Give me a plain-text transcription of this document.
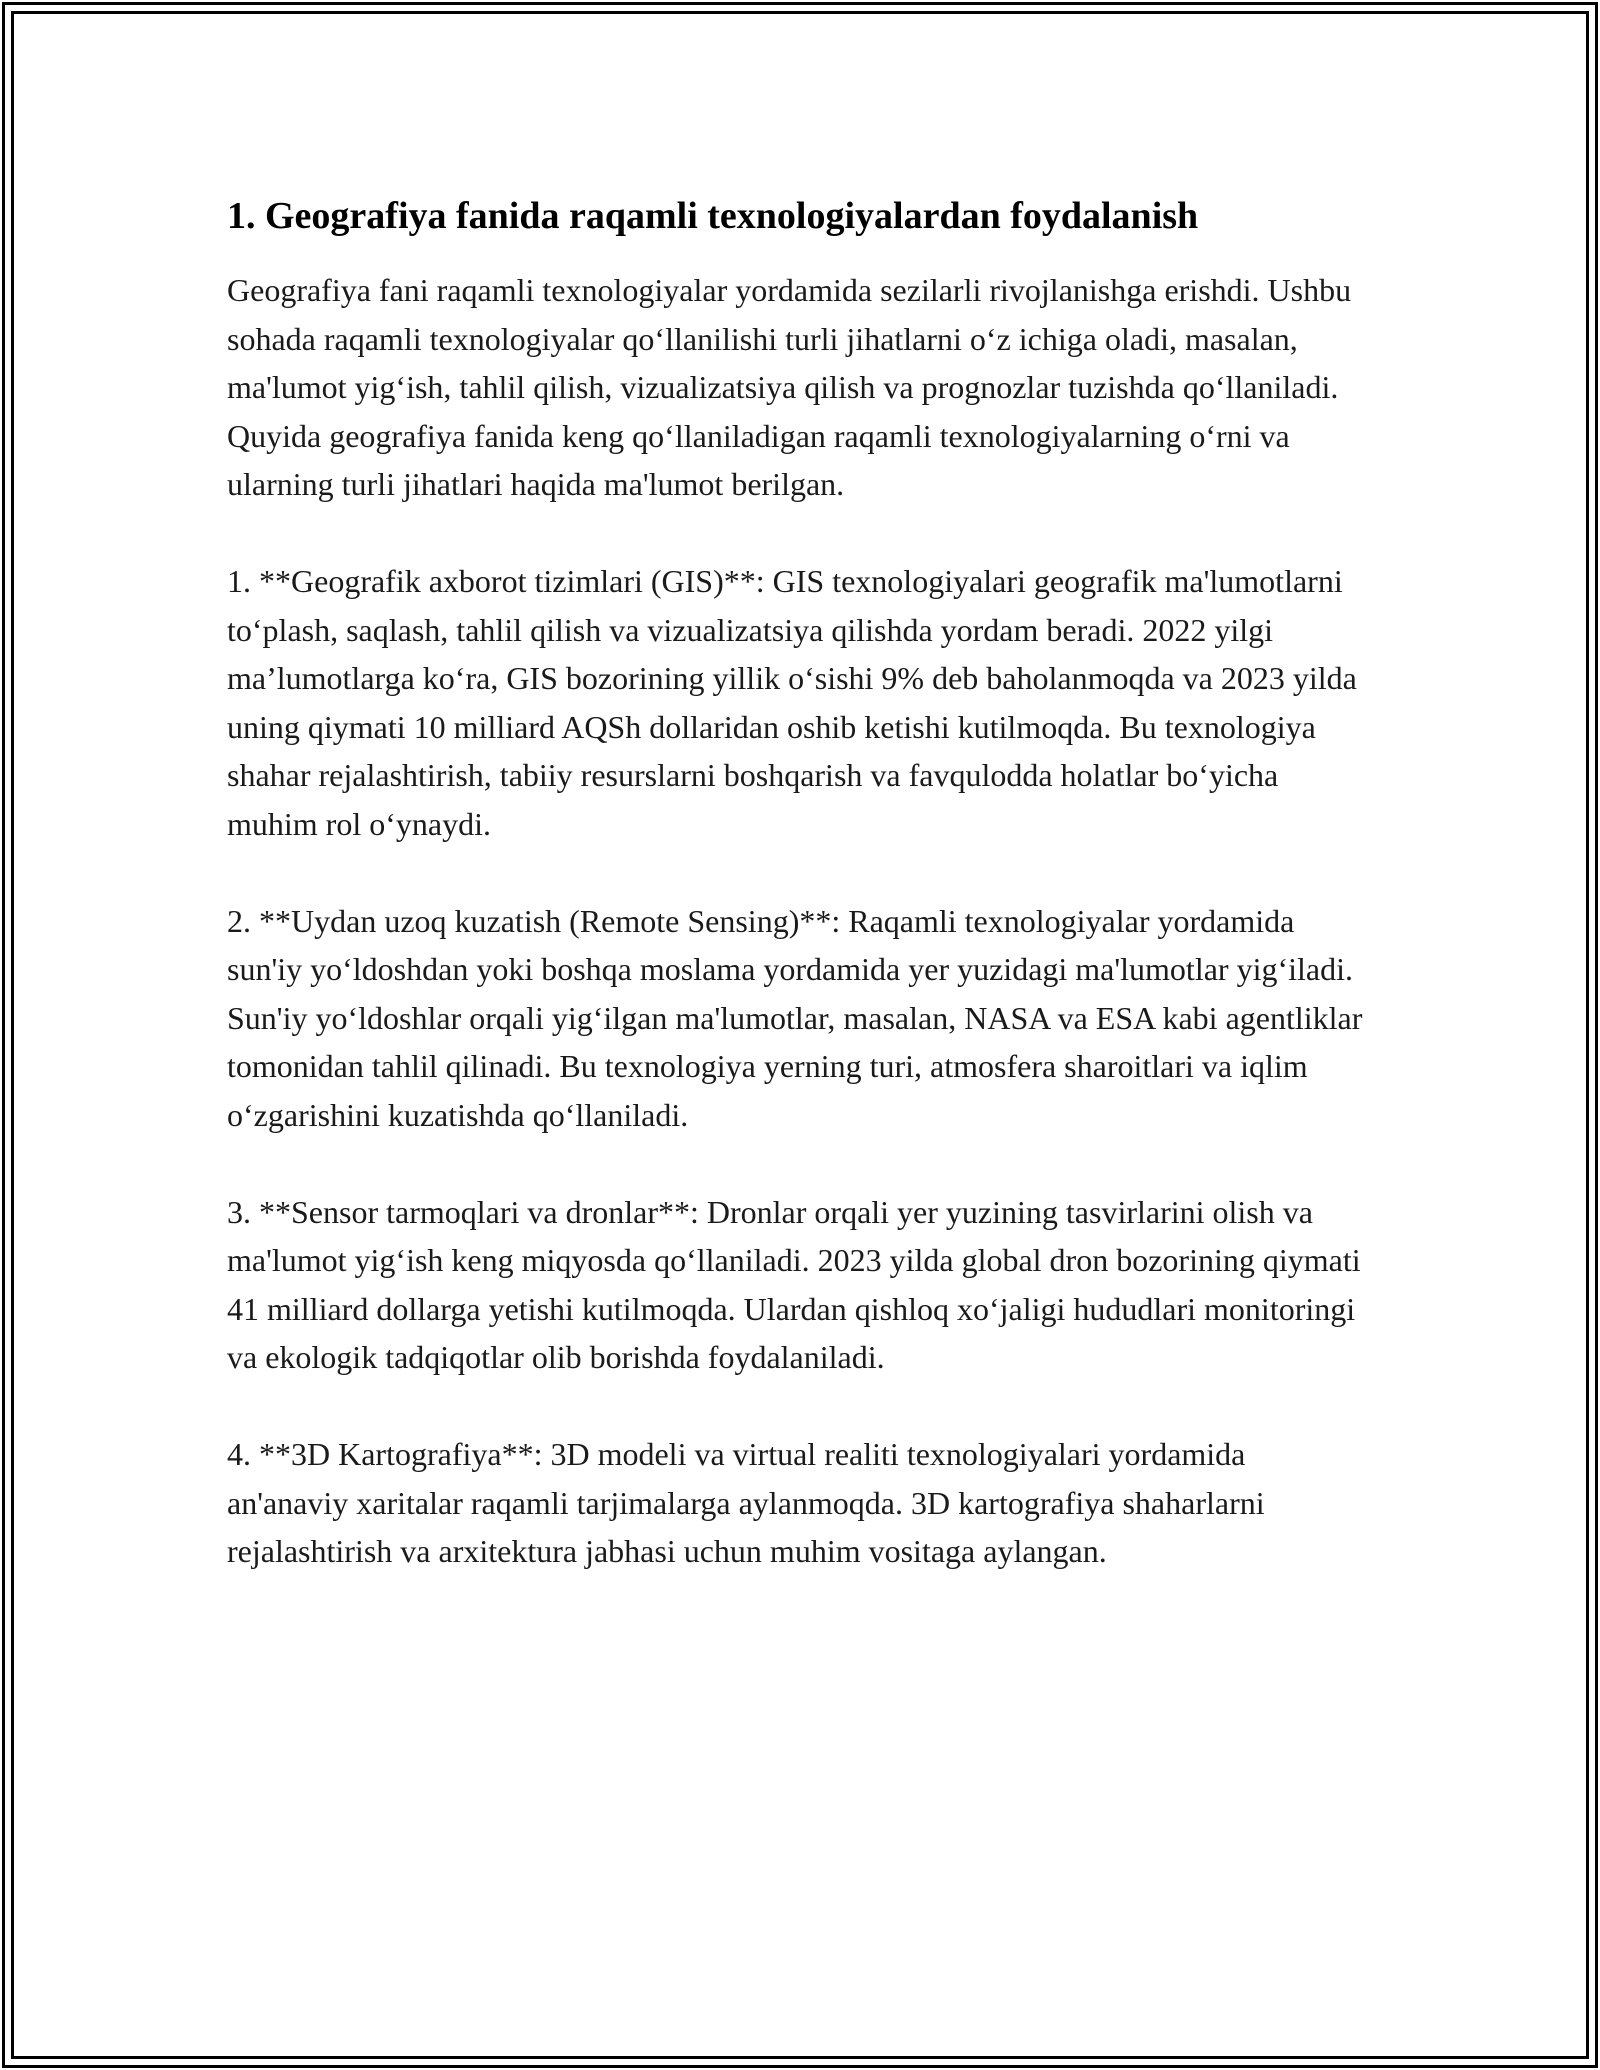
1. Geografiya fanida raqamli texnologiyalardan foydalanish

Geografiya fani raqamli texnologiyalar yordamida sezilarli rivojlanishga erishdi. Ushbu sohada raqamli texnologiyalar qo‘llanilishi turli jihatlarni o‘z ichiga oladi, masalan, ma'lumot yig‘ish, tahlil qilish, vizualizatsiya qilish va prognozlar tuzishda qo‘llaniladi. Quyida geografiya fanida keng qo‘llaniladigan raqamli texnologiyalarning o‘rni va ularning turli jihatlari haqida ma'lumot berilgan.

1. **Geografik axborot tizimlari (GIS)**: GIS texnologiyalari geografik ma'lumotlarni to‘plash, saqlash, tahlil qilish va vizualizatsiya qilishda yordam beradi. 2022 yilgi ma’lumotlarga ko‘ra, GIS bozorining yillik o‘sishi 9% deb baholanmoqda va 2023 yilda uning qiymati 10 milliard AQSh dollaridan oshib ketishi kutilmoqda. Bu texnologiya shahar rejalashtirish, tabiiy resurslarni boshqarish va favqulodda holatlar bo‘yicha muhim rol o‘ynaydi.

2. **Uydan uzoq kuzatish (Remote Sensing)**: Raqamli texnologiyalar yordamida sun'iy yo‘ldoshdan yoki boshqa moslama yordamida yer yuzidagi ma'lumotlar yig‘iladi. Sun'iy yo‘ldoshlar orqali yig‘ilgan ma'lumotlar, masalan, NASA va ESA kabi agentliklar tomonidan tahlil qilinadi. Bu texnologiya yerning turi, atmosfera sharoitlari va iqlim o‘zgarishini kuzatishda qo‘llaniladi.

3. **Sensor tarmoqlari va dronlar**: Dronlar orqali yer yuzining tasvirlarini olish va ma'lumot yig‘ish keng miqyosda qo‘llaniladi. 2023 yilda global dron bozorining qiymati 41 milliard dollarga yetishi kutilmoqda. Ulardan qishloq xo‘jaligi hududlari monitoringi va ekologik tadqiqotlar olib borishda foydalaniladi.

4. **3D Kartografiya**: 3D modeli va virtual realiti texnologiyalari yordamida an'anaviy xaritalar raqamli tarjimalarga aylanmoqda. 3D kartografiya shaharlarni rejalashtirish va arxitektura jabhasi uchun muhim vositaga aylangan.
